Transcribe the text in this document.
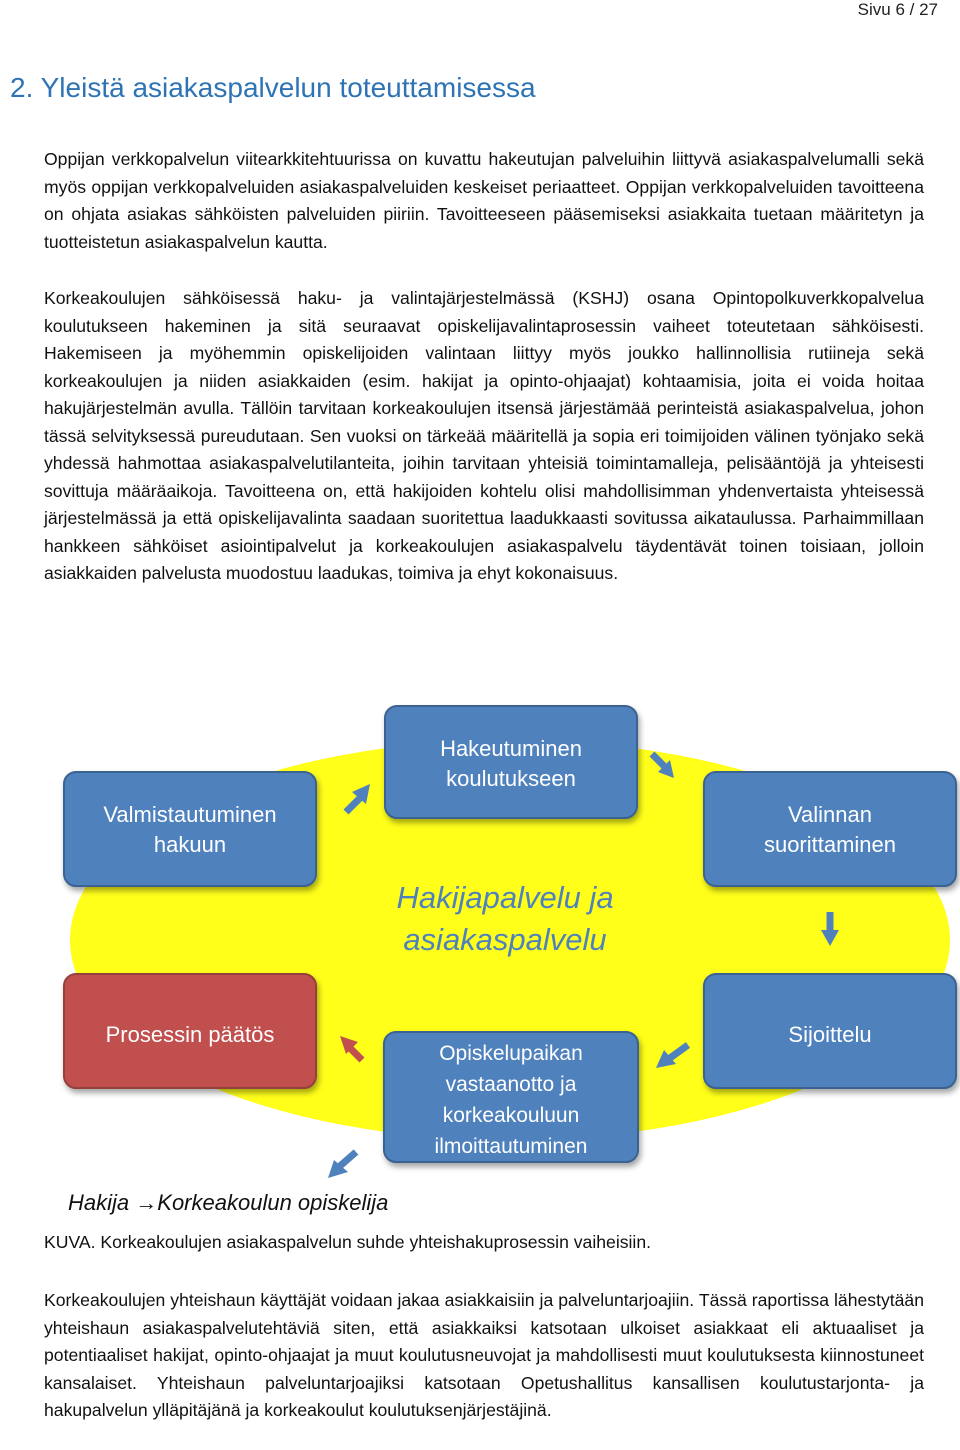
Sivu 6 / 27
2. Yleistä asiakaspalvelun toteuttamisessa

Oppijan verkkopalvelun viitearkkitehtuurissa on kuvattu hakeutujan palveluihin liittyvä asiakaspalvelumalli sekä myös oppijan verkkopalveluiden asiakaspalveluiden keskeiset periaatteet. Oppijan verkkopalveluiden tavoitteena on ohjata asiakas sähköisten palveluiden piiriin. Tavoitteeseen pääsemiseksi asiakkaita tuetaan määritetyn ja tuotteistetun asiakaspalvelun kautta.

Korkeakoulujen sähköisessä haku- ja valintajärjestelmässä (KSHJ) osana Opintopolkuverkkopalvelua koulutukseen hakeminen ja sitä seuraavat opiskelijavalintaprosessin vaiheet toteutetaan sähköisesti. Hakemiseen ja myöhemmin opiskelijoiden valintaan liittyy myös joukko hallinnollisia rutiineja sekä korkeakoulujen ja niiden asiakkaiden (esim. hakijat ja opinto-ohjaajat) kohtaamisia, joita ei voida hoitaa hakujärjestelmän avulla. Tällöin tarvitaan korkeakoulujen itsensä järjestämää perinteistä asiakaspalvelua, johon tässä selvityksessä pureudutaan. Sen vuoksi on tärkeää määritellä ja sopia eri toimijoiden välinen työnjako sekä yhdessä hahmottaa asiakaspalvelutilanteita, joihin tarvitaan yhteisiä toimintamalleja, pelisääntöjä ja yhteisesti sovittuja määräaikoja. Tavoitteena on, että hakijoiden kohtelu olisi mahdollisimman yhdenvertaista yhteisessä järjestelmässä ja että opiskelijavalinta saadaan suoritettua laadukkaasti sovitussa aikataulussa. Parhaimmillaan hankkeen sähköiset asiointipalvelut ja korkeakoulujen asiakaspalvelu täydentävät toinen toisiaan, jolloin asiakkaiden palvelusta muodostuu laadukas, toimiva ja ehyt kokonaisuus.

Hakeutuminen
koulutukseen
Valmistautuminen
hakuun
Valinnan
suorittaminen
Hakijapalvelu ja
asiakaspalvelu
Prosessin päätös	Sijoittelu
Opiskelupaikan
vastaanotto ja
korkeakouluun
ilmoittautuminen
Hakija →Korkeakoulun opiskelija
KUVA. Korkeakoulujen asiakaspalvelun suhde yhteishakuprosessin vaiheisiin.

Korkeakoulujen yhteishaun käyttäjät voidaan jakaa asiakkaisiin ja palveluntarjoajiin. Tässä raportissa lähestytään yhteishaun asiakaspalvelutehtäviä siten, että asiakkaiksi katsotaan ulkoiset asiakkaat eli aktuaaliset ja potentiaaliset hakijat, opinto-ohjaajat ja muut koulutusneuvojat ja mahdollisesti muut koulutuksesta kiinnostuneet kansalaiset. Yhteishaun palveluntarjoajiksi katsotaan Opetushallitus kansallisen koulutustarjonta- ja hakupalvelun ylläpitäjänä ja korkeakoulut koulutuksenjärjestäjinä.
